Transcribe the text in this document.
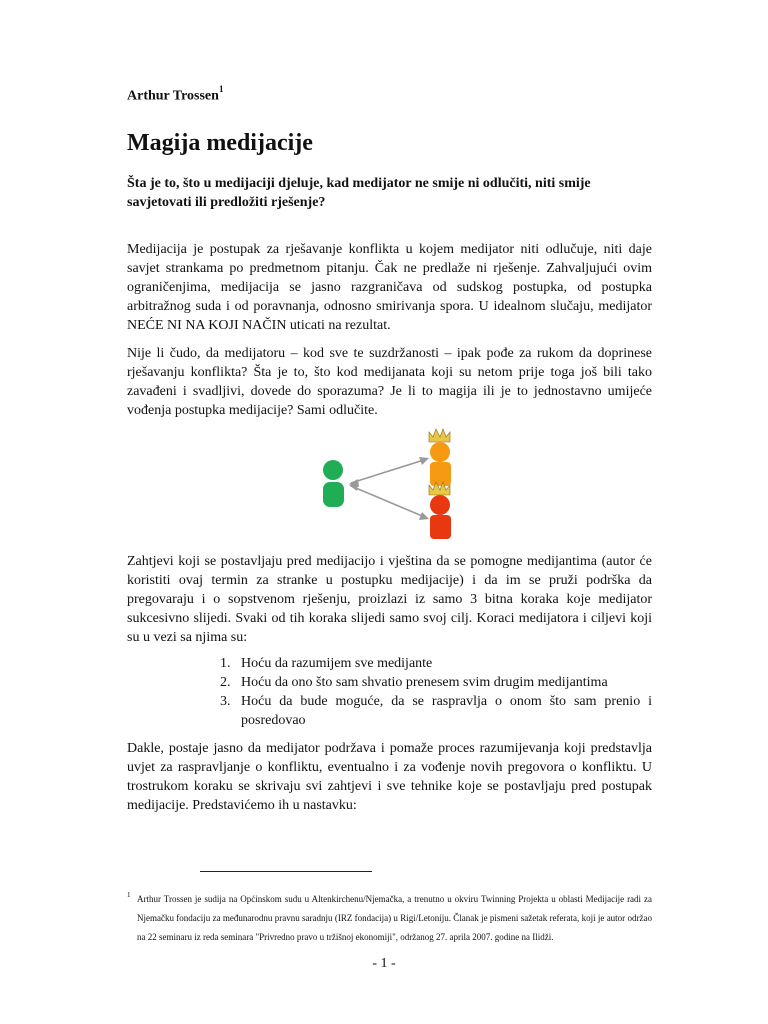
Arthur Trossen$^1$
Magija medijacije
Šta je to, što u medijaciji djeluje, kad medijator ne smije ni odlučiti, niti smije savjetovati ili predložiti rješenje?

Medijacija je postupak za rješavanje konflikta u kojem medijator niti odlučuje, niti daje savjet strankama po predmetnom pitanju. Čak ne predlaže ni rješenje. Zahvaljujući ovim ograničenjima, medijacija se jasno razgraničava od sudskog postupka, od postupka arbitražnog suda i od poravnanja, odnosno smirivanja spora. U idealnom slučaju, medijator NEĆE NI NA KOJI NAČIN uticati na rezultat.

Nije li čudo, da medijatoru – kod sve te suzdržanosti – ipak pođe za rukom da doprinese rješavanju konflikta? Šta je to, što kod medijanata koji su netom prije toga još bili tako zavađeni i svadljivi, dovede do sporazuma? Je li to magija ili je to jednostavno umijeće vođenja postupka medijacije? Sami odlučite.

Zahtjevi koji se postavljaju pred medijacijo i vještina da se pomogne medijantima (autor će koristiti ovaj termin za stranke u postupku medijacije) i da im se pruži podrška da pregovaraju i o sopstvenom rješenju, proizlazi iz samo 3 bitna koraka koje medijator sukcesivno slijedi. Svaki od tih koraka slijedi samo svoj cilj. Koraci medijatora i ciljevi koji su u vezi sa njima su:

1. Hoću da razumijem sve medijante
2. Hoću da ono što sam shvatio prenesem svim drugim medijantima
3. Hoću da bude moguće, da se raspravlja o onom što sam prenio i posredovao

Dakle, postaje jasno da medijator podržava i pomaže proces razumijevanja koji predstavlja uvjet za raspravljanje o konfliktu, eventualno i za vođenje novih pregovora o konfliktu. U trostrukom koraku se skrivaju svi zahtjevi i sve tehnike koje se postavljaju pred postupak medijacije. Predstavićemo ih u nastavku:

1 Arthur Trossen je sudija na Općinskom sudu u Altenkirchenu/Njemačka, a trenutno u okviru Twinning Projekta u oblasti Medijacije radi za Njemačku fondaciju za međunarodnu pravnu saradnju (IRZ fondacija) u Rigi/Letoniju. Članak je pismeni sažetak referata, koji je autor održao na 22 seminaru iz reda seminara "Privredno pravo u tržišnoj ekonomiji", održanog 27. aprila 2007. godine na Ilidži.
- 1 -
